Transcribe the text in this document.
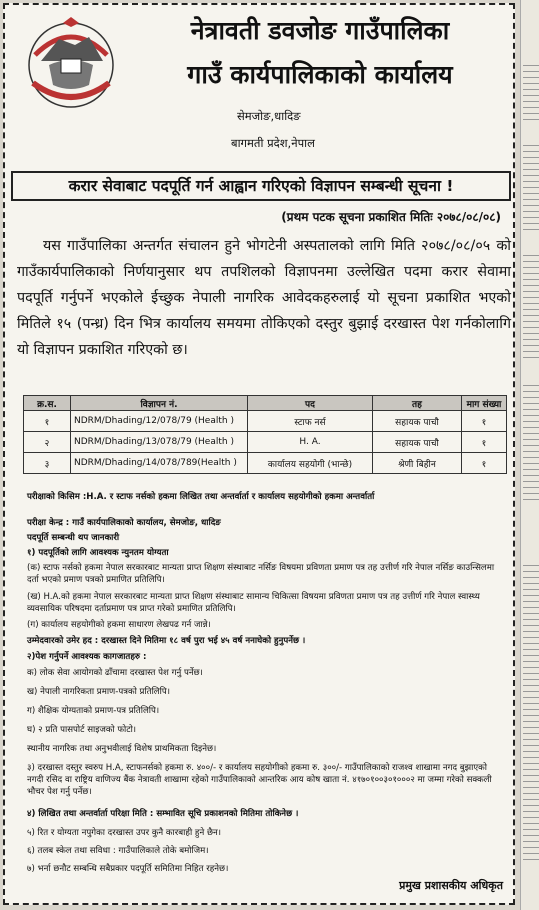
नेत्रावती डवजोङ गाउँपालिका
गाउँ कार्यपालिकाको कार्यालय
सेमजोङ,धादिङ
बागमती प्रदेश,नेपाल
करार सेवाबाट पदपूर्ति गर्न आह्वान गरिएको विज्ञापन सम्बन्धी सूचना !
(प्रथम पटक सूचना प्रकाशित मितिः २०७८/०८/०८)
यस गाउँपालिका अन्तर्गत संचालन हुने भोगटेनी अस्पतालको लागि मिति २०७८/०८/०५ को गाउँकार्यपालिकाको निर्णयानुसार थप तपशिलको विज्ञापनमा उल्लेखित पदमा करार सेवामा पदपूर्ति गर्नुपर्ने भएकोले ईच्छुक नेपाली नागरिक आवेदकहरुलाई यो सूचना प्रकाशित भएको मितिले १५ (पन्ध्र) दिन भित्र कार्यालय समयमा तोकिएको दस्तुर बुझाई दरखास्त पेश गर्नकोलागि यो विज्ञापन प्रकाशित गरिएको छ।
क्र.स.	विज्ञापन नं.	पद	तह	माग संख्या
१	NDRM/Dhading/12/078/79 (Health )	स्टाफ नर्स	सहायक पाचौ	१
२	NDRM/Dhading/13/078/79 (Health )	H. A.	सहायक पाचौ	१
३	NDRM/Dhading/14/078/789(Health )	कार्यालय सहयोगी (भान्छे)	श्रेणी बिहीन	१
परीक्षाको किसिम :H.A. र स्टाफ नर्सको हकमा लिखित तथा अन्तर्वार्ता र कार्यालय सहयोगीको हकमा अन्तर्वार्ता
परीक्षा केन्द्र : गाउँ कार्यपालिकाको कार्यालय, सेमजोङ, धादिङ
पदपूर्ति सम्बन्धी थप जानकारी
१) पदपूर्तिको लागि आवश्यक न्युनतम योग्यता
(क) स्टाफ नर्सको हकमा नेपाल सरकारबाट मान्यता प्राप्त शिक्षण संस्थाबाट नर्सिङ विषयमा प्रविणता प्रमाण पत्र तह उत्तीर्ण गरि नेपाल नर्सिङ काउन्सिलमा दर्ता भएको प्रमाण पत्रको प्रमाणित प्रतिलिपि।
(ख) H.A.को हकमा नेपाल सरकारबाट मान्यता प्राप्त शिक्षण संस्थाबाट सामान्य चिकित्सा विषयमा प्रविणता प्रमाण पत्र तह उत्तीर्ण गरि नेपाल स्वास्थ्य व्यवसायिक परिषदमा दर्ताप्रमाण पत्र प्राप्त गरेको प्रमाणित प्रतिलिपि।
(ग) कार्यालय सहयोगीको हकमा साधारण लेखपढ गर्न जान्ने।
उम्मेदवारको उमेर हद : दरखास्त दिने मितिमा १८ वर्ष पुरा भई ४५ वर्ष ननाघेको हुनुपर्नेछ ।
२)पेश गर्नुपर्ने आवश्यक कागजातहरु :
क) लोक सेवा आयोगको ढाँचामा दरखास्त पेश गर्नु पर्नेछ।
ख) नेपाली नागरिकता प्रमाण-पत्रको प्रतिलिपि।
ग) शैक्षिक योग्यताको प्रमाण-पत्र प्रतिलिपि।
घ) २ प्रति पासपोर्ट साइजको फोटो।
स्थानीय नागरिक तथा अनुभवीलाई विशेष प्राथमिकता दिइनेछ।
३) दरखास्त दस्तुर स्वरुप H.A, स्टाफनर्सको हकमा रु. ४००/- र कार्यालय सहयोगीको हकमा रु. ३००/- गाउँपालिकाको राजश्व शाखामा नगद बुझाएको नगदी रसिद वा राष्ट्रिय वाणिज्य बैंक नेत्रावती शाखामा रहेको गाउँपालिकाको आन्तरिक आय कोष खाता नं. ४१७०१००३०१०००२ मा जम्मा गरेको सक्कली भौचर पेश गर्नु पर्नेछ।
४) लिखित तथा अन्तर्वार्ता परिक्षा मिति : सम्भावित सूचि प्रकाशनको मितिमा तोकिनेछ ।
५) रित र योग्यता नपुगेका दरखास्त उपर कुनै कारबाही हुने छैन।
६) तलब स्केल तथा सविधा : गाउँपालिकाले तोके बमोजिम।
७) भर्ना छनौट सम्बन्धि सबैप्रकार पदपूर्ति समितिमा निहित रहनेछ।
प्रमुख प्रशासकीय अधिकृत
